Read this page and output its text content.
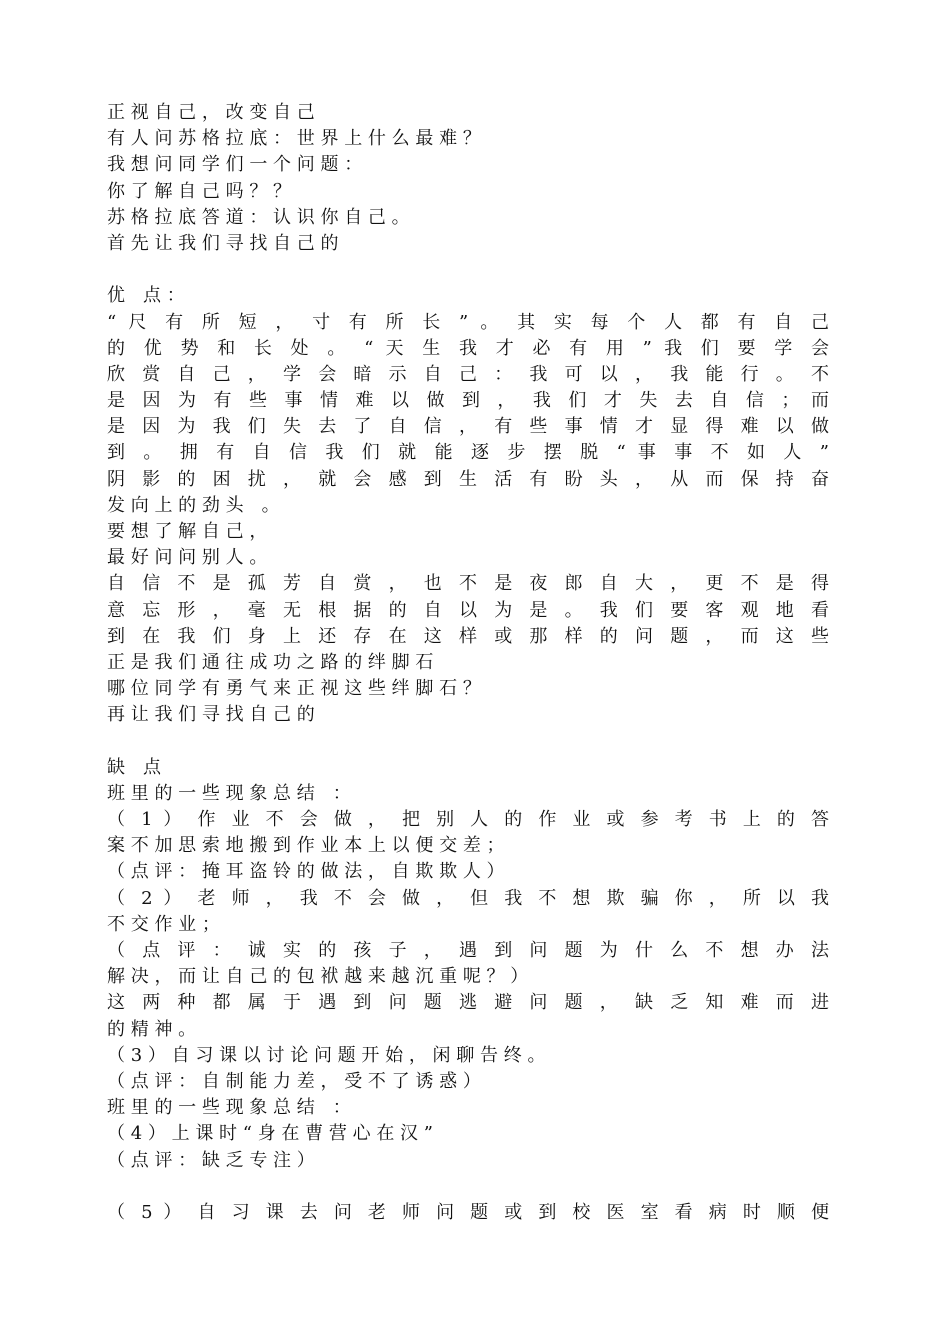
正 视 自 己 ， 改 变 自 己
有 人 问 苏 格 拉 底 ： 世 界 上 什 么 最 难 ？
我 想 问 同 学 们 一 个 问 题 ：
你 了 解 自 己 吗 ？ ？
苏 格 拉 底 答 道 ： 认 识 你 自 己 。
首 先 让 我 们 寻 找 自 己 的
优　点 ：
“ 尺 有 所 短 ， 寸 有 所 长 ” 。 其 实 每 个 人 都 有 自 己
的 优 势 和 长 处 。 “ 天 生 我 才 必 有 用 ” 我 们 要 学 会
欣 赏 自 己 ， 学 会 暗 示 自 己 ： 我 可 以 ， 我 能 行 。 不
是 因 为 有 些 事 情 难 以 做 到 ， 我 们 才 失 去 自 信 ； 而
是 因 为 我 们 失 去 了 自 信 ， 有 些 事 情 才 显 得 难 以 做
到 。 拥 有 自 信 我 们 就 能 逐 步 摆 脱 “ 事 事 不 如 人 ”
阴 影 的 困 扰 ， 就 会 感 到 生 活 有 盼 头 ， 从 而 保 持 奋
发 向 上 的 劲 头　。
要 想 了 解 自 己 ，
最 好 问 问 别 人 。
自 信 不 是 孤 芳 自 赏 ， 也 不 是 夜 郎 自 大 ， 更 不 是 得
意 忘 形 ， 毫 无 根 据 的 自 以 为 是 。 我 们 要 客 观 地 看
到 在 我 们 身 上 还 存 在 这 样 或 那 样 的 问 题 ， 而 这 些
正 是 我 们 通 往 成 功 之 路 的 绊 脚 石
哪 位 同 学 有 勇 气 来 正 视 这 些 绊 脚 石 ？
再 让 我 们 寻 找 自 己 的
缺　点
班 里 的 一 些 现 象 总 结　：
（ 1 ） 作 业 不 会 做 ， 把 别 人 的 作 业 或 参 考 书 上 的 答
案 不 加 思 索 地 搬 到 作 业 本 上 以 便 交 差 ；
（ 点 评 ： 掩 耳 盗 铃 的 做 法 ， 自 欺 欺 人 ）
（ 2 ） 老 师 ， 我 不 会 做 ， 但 我 不 想 欺 骗 你 ， 所 以 我
不 交 作 业 ；
（ 点 评 ： 诚 实 的 孩 子 ， 遇 到 问 题 为 什 么 不 想 办 法
解 决 ， 而 让 自 己 的 包 袱 越 来 越 沉 重 呢 ？ ）
这 两 种 都 属 于 遇 到 问 题 逃 避 问 题 ， 缺 乏 知 难 而 进
的 精 神 。
（ 3 ） 自 习 课 以 讨 论 问 题 开 始 ， 闲 聊 告 终 。
（ 点 评 ： 自 制 能 力 差 ， 受 不 了 诱 惑 ）
班 里 的 一 些 现 象 总 结　：
（ 4 ） 上 课 时 “ 身 在 曹 营 心 在 汉 ”
（ 点 评 ： 缺 乏 专 注 ）
（ 5 ） 自 习 课 去 问 老 师 问 题 或 到 校 医 室 看 病 时 顺 便
